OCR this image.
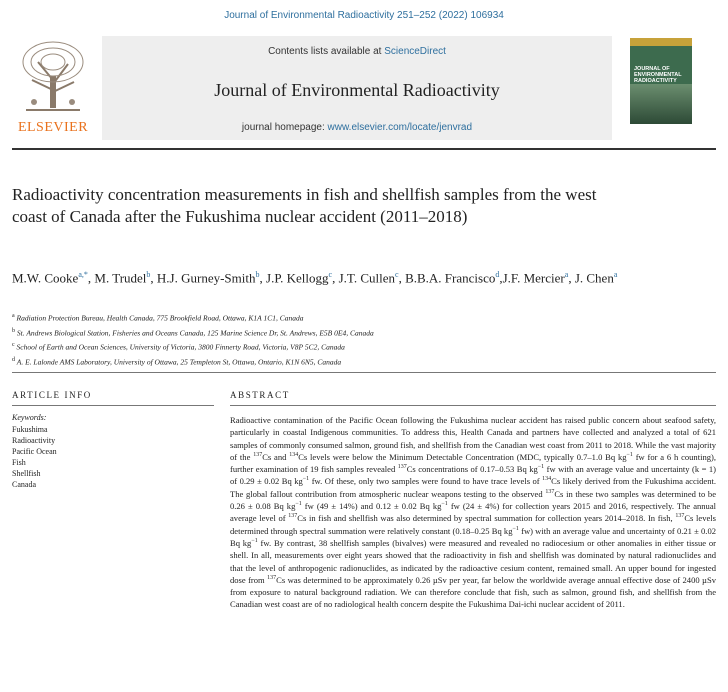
Journal of Environmental Radioactivity 251–252 (2022) 106934
ELSEVIER
Contents lists available at ScienceDirect
Journal of Environmental Radioactivity
journal homepage: www.elsevier.com/locate/jenvrad
JOURNAL OF ENVIRONMENTAL RADIOACTIVITY
Radioactivity concentration measurements in fish and shellfish samples from the west coast of Canada after the Fukushima nuclear accident (2011–2018)
M.W. Cooke$^{a,*}$, M. Trudel$^b$, H.J. Gurney-Smith$^b$, J.P. Kellogg$^c$, J.T. Cullen$^c$, B.B.A. Francisco$^d$,J.F. Mercier$^a$, J. Chen$^a$
$^a$ Radiation Protection Bureau, Health Canada, 775 Brookfield Road, Ottawa, K1A 1C1, Canada
$^b$ St. Andrews Biological Station, Fisheries and Oceans Canada, 125 Marine Science Dr, St. Andrews, E5B 0E4, Canada
$^c$ School of Earth and Ocean Sciences, University of Victoria, 3800 Finnerty Road, Victoria, V8P 5C2, Canada
$^d$ A. E. Lalonde AMS Laboratory, University of Ottawa, 25 Templeton St, Ottawa, Ontario, K1N 6N5, Canada
ARTICLE INFO	ABSTRACT
Keywords:
Fukushima
Radioactivity
Pacific Ocean
Fish
Shellfish
Canada
Radioactive contamination of the Pacific Ocean following the Fukushima nuclear accident has raised public concern about seafood safety, particularly in coastal Indigenous communities. To address this, Health Canada and partners have collected and analyzed a total of 621 samples of commonly consumed salmon, ground fish, and shellfish from the Canadian west coast from 2011 to 2018. While the vast majority of the $^{137}$Cs and $^{134}$Cs levels were below the Minimum Detectable Concentration (MDC, typically 0.7–1.0 Bq $kg^{-1}$ fw for a 6 h counting), further examination of 19 fish samples revealed $^{137}$Cs concentrations of 0.17–0.53 Bq $kg^{-1}$ fw with an average value and uncertainty (k = 1) of 0.29 ± 0.02 Bq $kg^{-1}$ fw. Of these, only two samples were found to have trace levels of $^{134}$Cs likely derived from the Fukushima accident. The global fallout contribution from atmospheric nuclear weapons testing to the observed $^{137}$Cs in these two samples was determined to be 0.26 ± 0.08 Bq $kg^{-1}$ fw (49 ± 14%) and 0.12 ± 0.02 Bq $kg^{-1}$ fw (24 ± 4%) for collection years 2015 and 2016, respectively. The annual average level of $^{137}$Cs in fish and shellfish was also determined by spectral summation for collection years 2014–2018. In fish, $^{137}$Cs levels determined through spectral summation were relatively constant (0.18–0.25 Bq $kg^{-1}$ fw) with an average value and uncertainty of 0.21 ± 0.02 Bq $kg^{-1}$ fw. By contrast, 38 shellfish samples (bivalves) were measured and revealed no radiocesium or other anomalies in either tissue or shell. In all, measurements over eight years showed that the radioactivity in fish and shellfish was dominated by natural radionuclides and that the level of anthropogenic radionuclides, as indicated by the radioactive cesium content, remained small. An upper bound for ingested dose from $^{137}$Cs was determined to be approximately 0.26 µSv per year, far below the worldwide average annual effective dose of 2400 µSv from exposure to natural background radiation. We can therefore conclude that fish, such as salmon, ground fish, and shellfish from the Canadian west coast are of no radiological health concern despite the Fukushima Dai-ichi nuclear accident of 2011.
